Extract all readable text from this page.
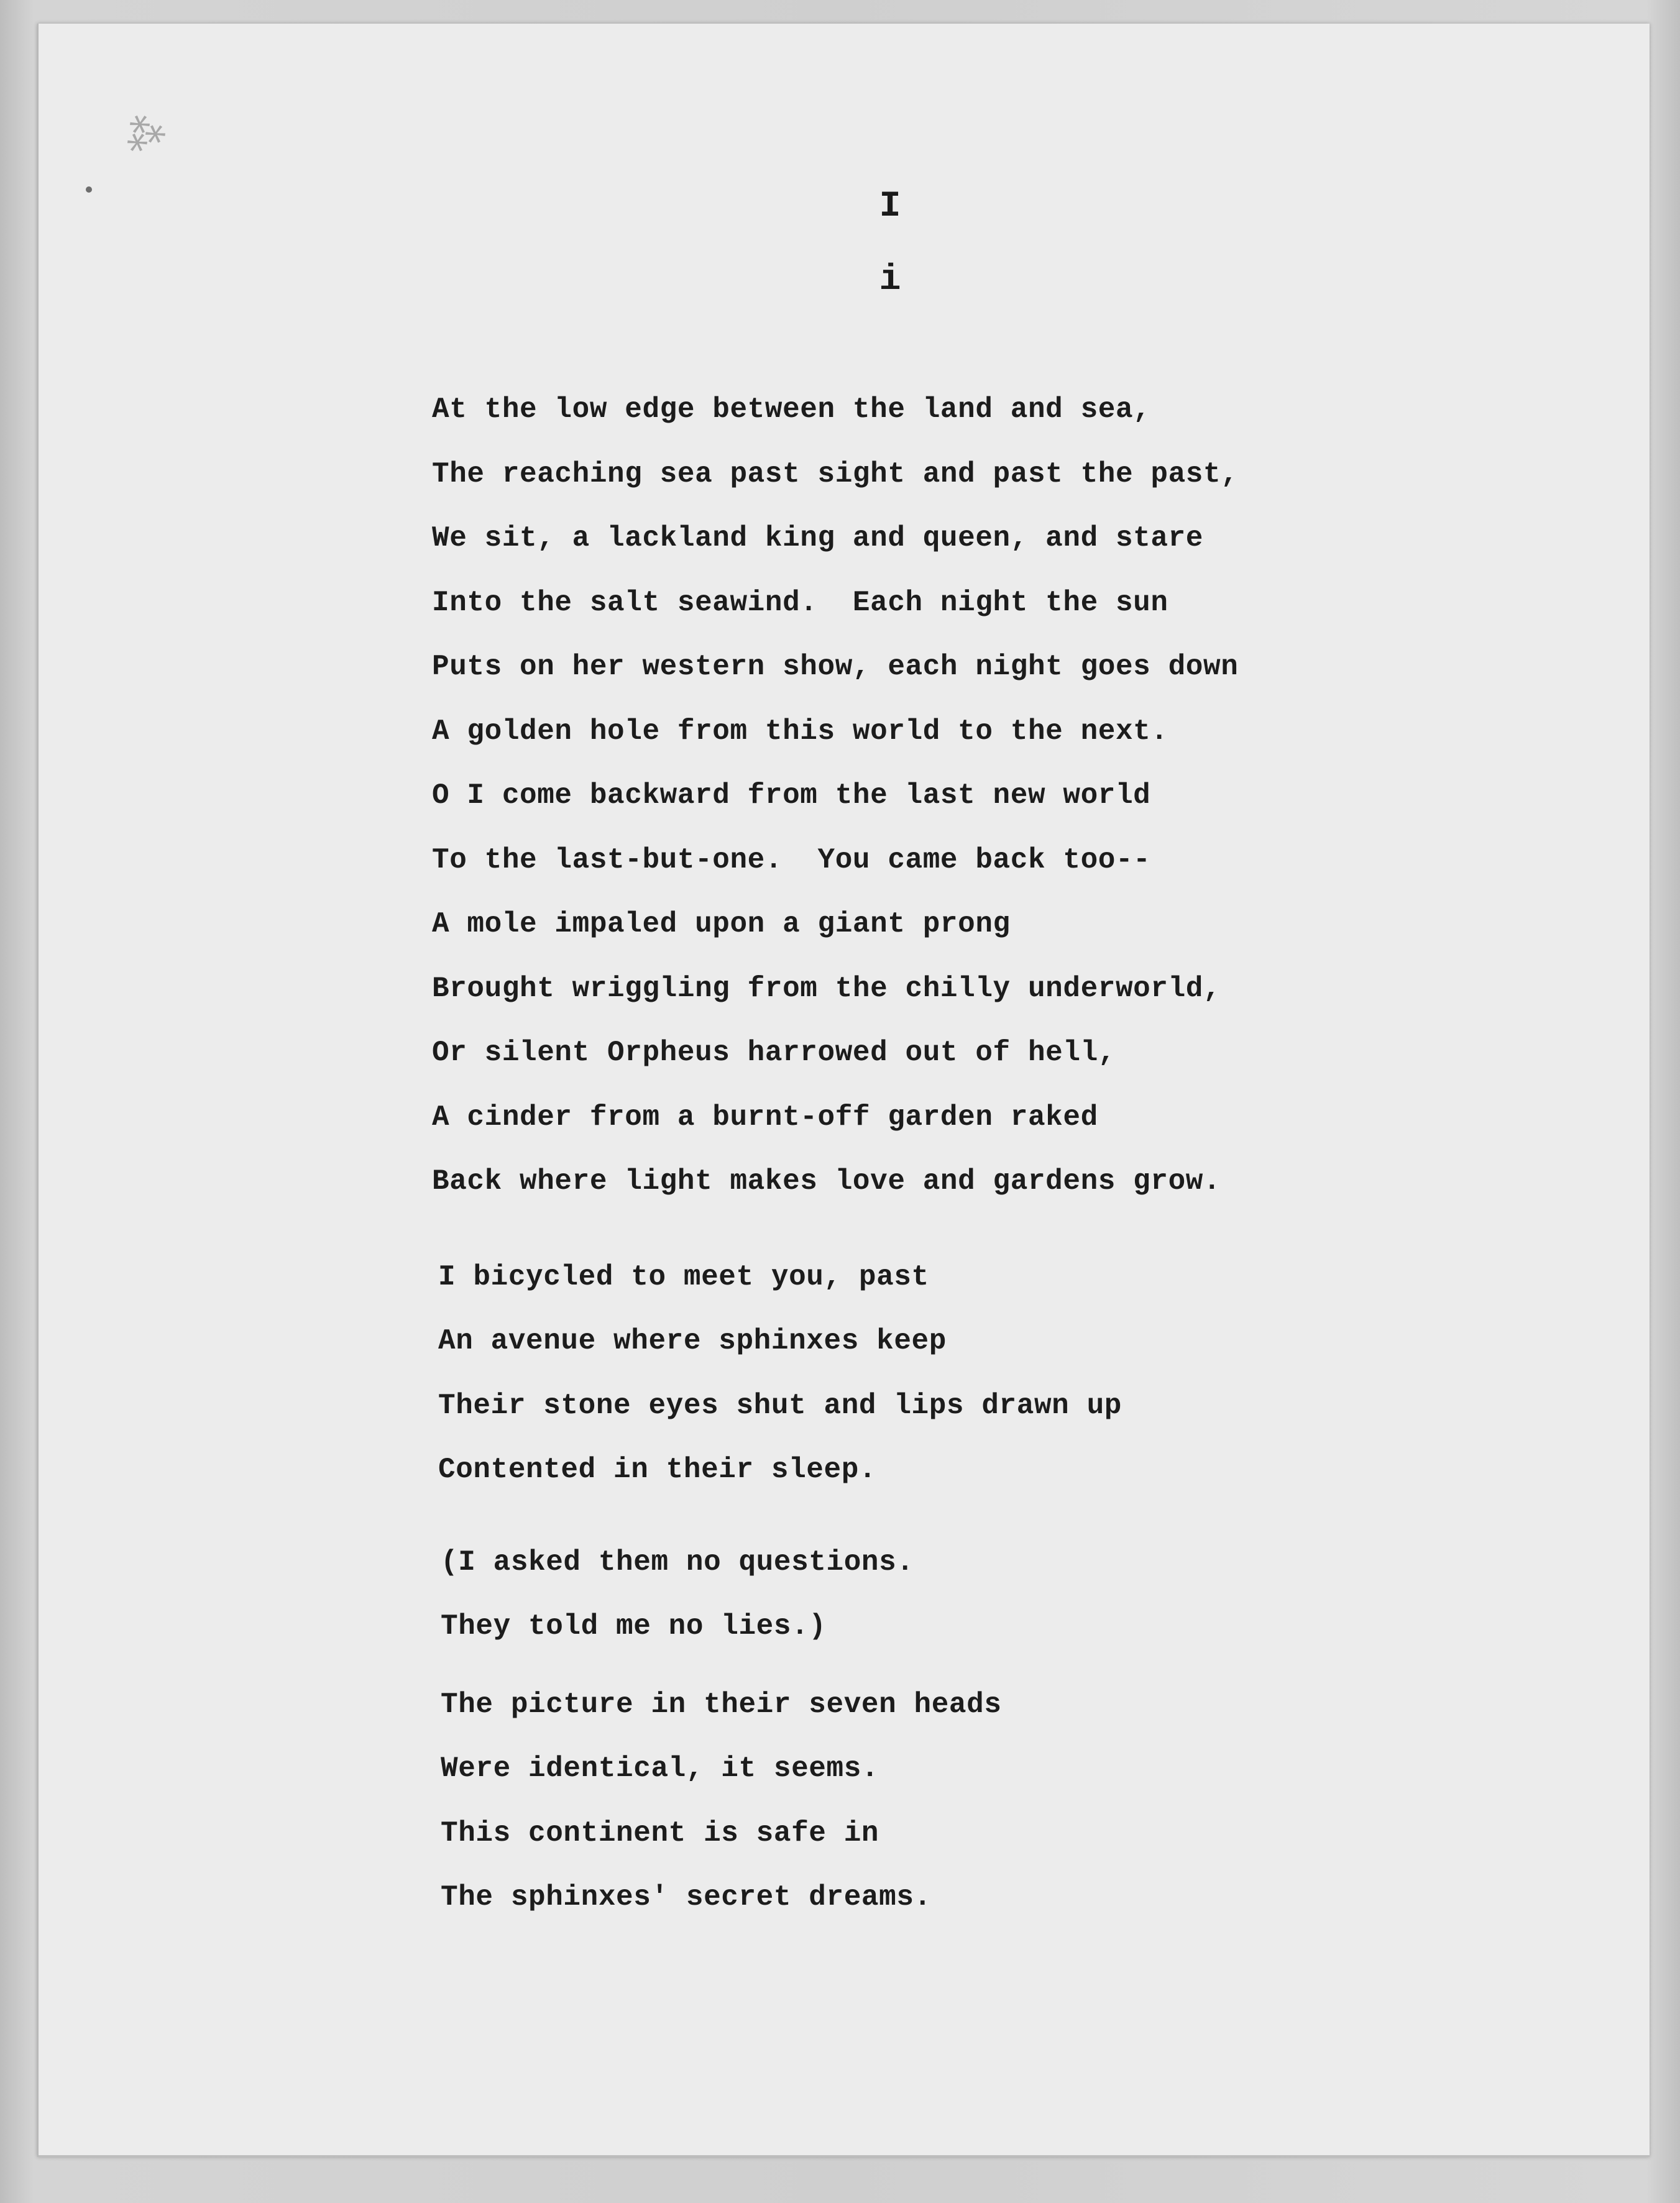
⁂
I
i
At the low edge between the land and sea,
The reaching sea past sight and past the past,
We sit, a lackland king and queen, and stare
Into the salt seawind.  Each night the sun
Puts on her western show, each night goes down
A golden hole from this world to the next.
O I come backward from the last new world
To the last-but-one.  You came back too--
A mole impaled upon a giant prong
Brought wriggling from the chilly underworld,
Or silent Orpheus harrowed out of hell,
A cinder from a burnt-off garden raked
Back where light makes love and gardens grow.
I bicycled to meet you, past
An avenue where sphinxes keep
Their stone eyes shut and lips drawn up
Contented in their sleep.
(I asked them no questions.
They told me no lies.)
The picture in their seven heads
Were identical, it seems.
This continent is safe in
The sphinxes' secret dreams.
